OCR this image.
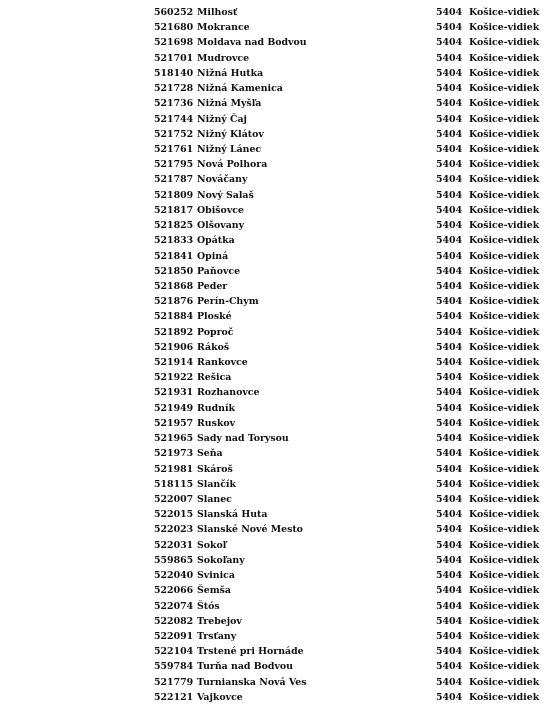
560252 Milhosť	5404 Košice-vidiek
521680 Mokrance	5404 Košice-vidiek
521698 Moldava nad Bodvou	5404 Košice-vidiek
521701 Mudrovce	5404 Košice-vidiek
518140 Nižná Hutka	5404 Košice-vidiek
521728 Nižná Kamenica	5404 Košice-vidiek
521736 Nižná Myšľa	5404 Košice-vidiek
521744 Nižný Čaj	5404 Košice-vidiek
521752 Nižný Klátov	5404 Košice-vidiek
521761 Nižný Lánec	5404 Košice-vidiek
521795 Nová Polhora	5404 Košice-vidiek
521787 Nováčany	5404 Košice-vidiek
521809 Nový Salaš	5404 Košice-vidiek
521817 Obišovce	5404 Košice-vidiek
521825 Olšovany	5404 Košice-vidiek
521833 Opátka	5404 Košice-vidiek
521841 Opiná	5404 Košice-vidiek
521850 Paňovce	5404 Košice-vidiek
521868 Peder	5404 Košice-vidiek
521876 Perín-Chym	5404 Košice-vidiek
521884 Ploské	5404 Košice-vidiek
521892 Poproč	5404 Košice-vidiek
521906 Rákoš	5404 Košice-vidiek
521914 Rankovce	5404 Košice-vidiek
521922 Rešica	5404 Košice-vidiek
521931 Rozhanovce	5404 Košice-vidiek
521949 Rudník	5404 Košice-vidiek
521957 Ruskov	5404 Košice-vidiek
521965 Sady nad Torysou	5404 Košice-vidiek
521973 Seňa	5404 Košice-vidiek
521981 Skároš	5404 Košice-vidiek
518115 Slančík	5404 Košice-vidiek
522007 Slanec	5404 Košice-vidiek
522015 Slanská Huta	5404 Košice-vidiek
522023 Slanské Nové Mesto	5404 Košice-vidiek
522031 Sokoľ	5404 Košice-vidiek
559865 Sokoľany	5404 Košice-vidiek
522040 Svinica	5404 Košice-vidiek
522066 Šemša	5404 Košice-vidiek
522074 Štós	5404 Košice-vidiek
522082 Trebejov	5404 Košice-vidiek
522091 Trsťany	5404 Košice-vidiek
522104 Trstené pri Hornáde	5404 Košice-vidiek
559784 Turňa nad Bodvou	5404 Košice-vidiek
521779 Turnianska Nová Ves	5404 Košice-vidiek
522121 Vajkovce	5404 Košice-vidiek
